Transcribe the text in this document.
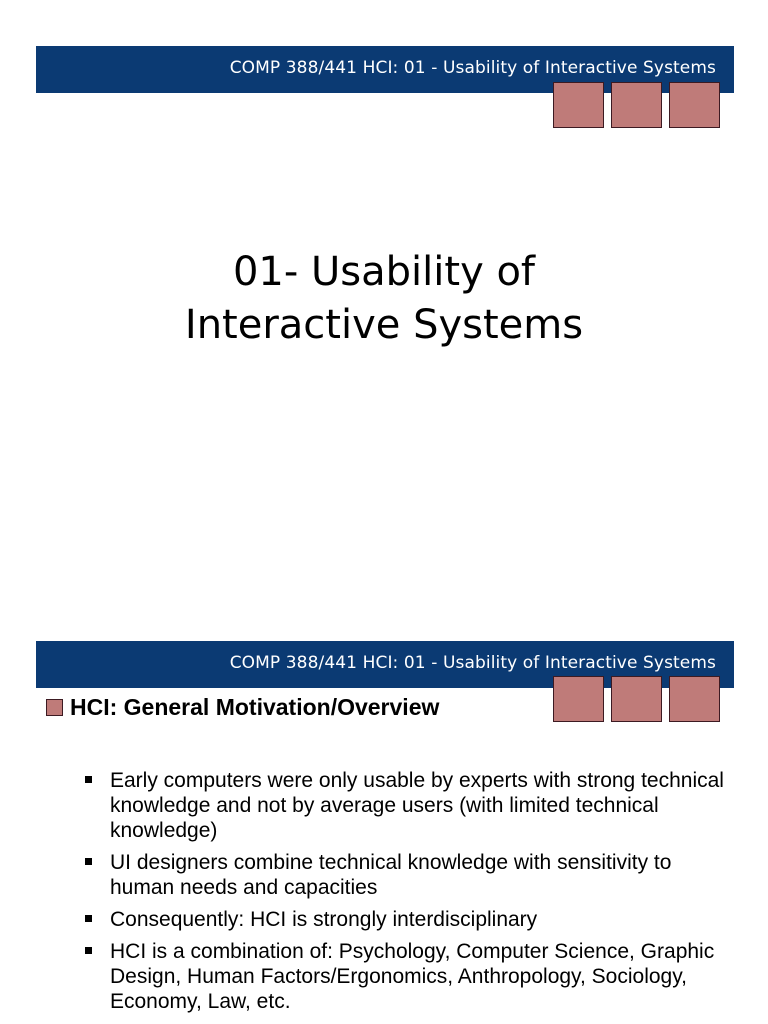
COMP 388/441 HCI: 01 - Usability of Interactive Systems
01- Usability of
Interactive Systems
COMP 388/441 HCI: 01 - Usability of Interactive Systems
HCI: General Motivation/Overview
Early computers were only usable by experts with strong technical knowledge and not by average users (with limited technical knowledge)
UI designers combine technical knowledge with sensitivity to human needs and capacities
Consequently: HCI is strongly interdisciplinary
HCI is a combination of: Psychology, Computer Science, Graphic Design, Human Factors/Ergonomics, Anthropology, Sociology, Economy, Law, etc.
